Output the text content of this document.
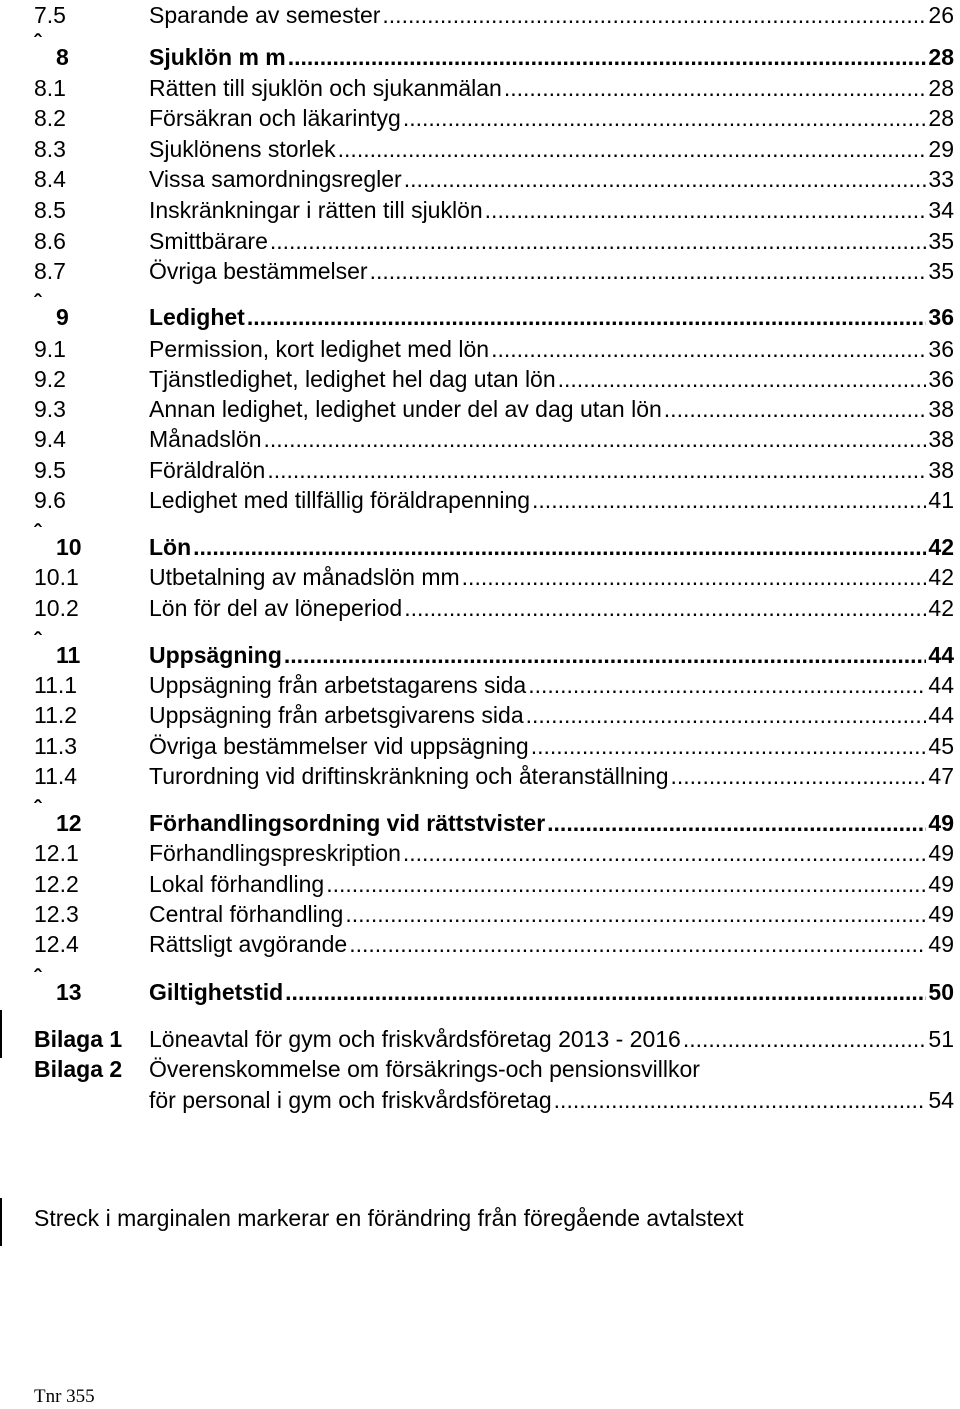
7.5	Sparande av semester .....	26
ˆ
8	Sjuklön m m .....	28
8.1	Rätten till sjuklön och sjukanmälan .....	28
8.2	Försäkran och läkarintyg .....	28
8.3	Sjuklönens storlek .....	29
8.4	Vissa samordningsregler .....	33
8.5	Inskränkningar i rätten till sjuklön .....	34
8.6	Smittbärare .....	35
8.7	Övriga bestämmelser .....	35
ˆ
9	Ledighet .....	36
9.1	Permission, kort ledighet med lön .....	36
9.2	Tjänstledighet, ledighet hel dag utan lön .....	36
9.3	Annan ledighet, ledighet under del av dag utan lön .....	38
9.4	Månadslön .....	38
9.5	Föräldralön .....	38
9.6	Ledighet med tillfällig föräldrapenning .....	41
ˆ
10	Lön .....	42
10.1	Utbetalning av månadslön mm .....	42
10.2	Lön för del av löneperiod .....	42
ˆ
11	Uppsägning .....	44
11.1	Uppsägning från arbetstagarens sida .....	44
11.2	Uppsägning från arbetsgivarens sida .....	44
11.3	Övriga bestämmelser vid uppsägning .....	45
11.4	Turordning vid driftinskränkning och återanställning .....	47
ˆ
12	Förhandlingsordning vid rättstvister .....	49
12.1	Förhandlingspreskription .....	49
12.2	Lokal förhandling .....	49
12.3	Central förhandling .....	49
12.4	Rättsligt avgörande .....	49
ˆ
13	Giltighetstid .....	50
Bilaga 1 Löneavtal för gym och friskvårdsföretag 2013 - 2016 .....	51
Bilaga 2 Överenskommelse om försäkrings-och pensionsvillkor
för personal i gym och friskvårdsföretag .....	54
Streck i marginalen markerar en förändring från föregående avtalstext
Tnr 355
